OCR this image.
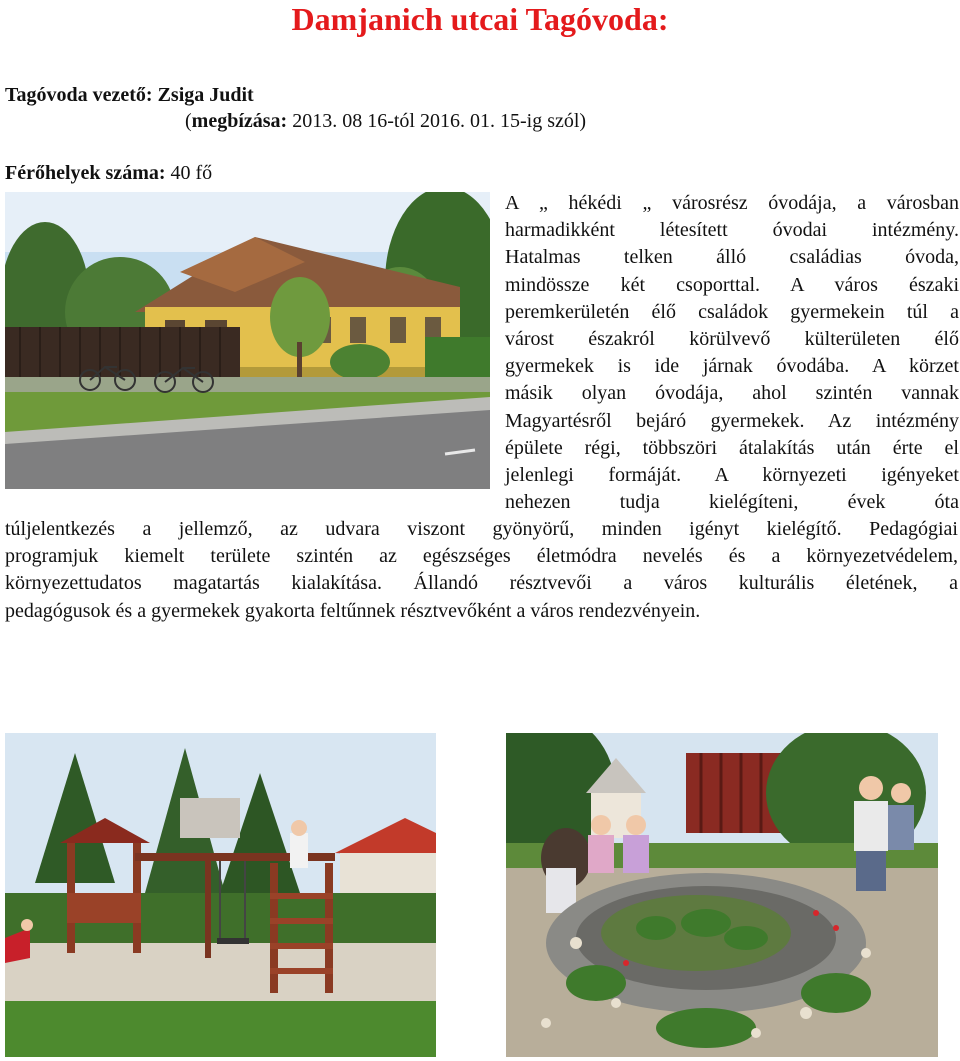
Damjanich utcai Tagóvoda:
Tagóvoda vezető: Zsiga Judit
(megbízása: 2013. 08 16-tól 2016. 01. 15-ig szól)
Férőhelyek száma: 40 fő
A „ hékédi „ városrész óvodája, a városban
harmadikként létesített óvodai intézmény.
Hatalmas telken álló családias óvoda,
mindössze két csoporttal. A város északi
peremkerületén élő családok gyermekein túl a
várost északról körülvevő külterületen élő
gyermekek is ide járnak óvodába. A körzet
másik olyan óvodája, ahol szintén vannak
Magyartésről bejáró gyermekek. Az intézmény
épülete régi, többszöri átalakítás után érte el
jelenlegi formáját. A környezeti igényeket
nehezen tudja kielégíteni, évek óta
túljelentkezés a jellemző, az udvara viszont gyönyörű, minden igényt kielégítő. Pedagógiai
programjuk kiemelt területe szintén az egészséges életmódra nevelés és a környezetvédelem,
környezettudatos magatartás kialakítása. Állandó résztvevői a város kulturális életének, a
pedagógusok és a gyermekek gyakorta feltűnnek résztvevőként a város rendezvényein.
